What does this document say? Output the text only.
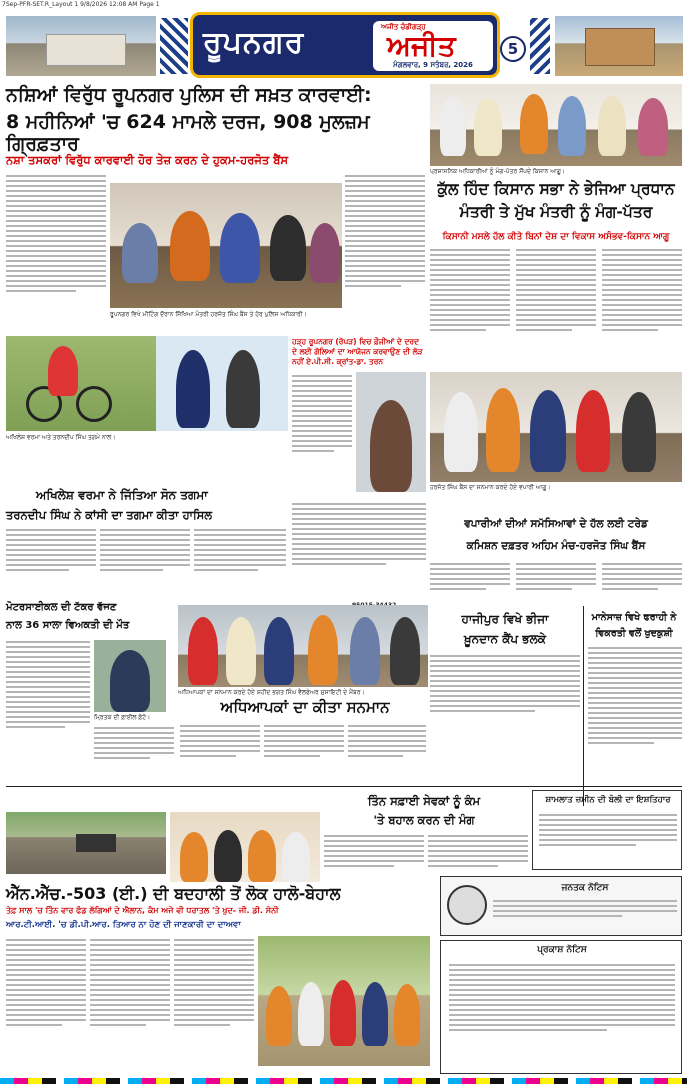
7Sep-PFR-SET.R_Layout 1 9/8/2026 12:08 AM Page 1
ਰੂਪਨਗਰ	ਅਜੀਤ ਚੰਡੀਗੜ੍ਹ
ਅਜੀਤ
ਮੰਗਲਵਾਰ, 9 ਸਤੰਬਰ, 2026
5
ਨਸ਼ਿਆਂ ਵਿਰੁੱਧ ਰੂਪਨਗਰ ਪੁਲਿਸ ਦੀ ਸਖ਼ਤ ਕਾਰਵਾਈ:
8 ਮਹੀਨਿਆਂ 'ਚ 624 ਮਾਮਲੇ ਦਰਜ, 908 ਮੁਲਜ਼ਮ ਗ੍ਰਿਫ਼ਤਾਰ
ਨਸ਼ਾ ਤਸਕਰਾਂ ਵਿਰੁੱਧ ਕਾਰਵਾਈ ਹੋਰ ਤੇਜ਼ ਕਰਨ ਦੇ ਹੁਕਮ-ਹਰਜੋਤ ਬੈਂਸ
ਰੂਪਨਗਰ ਵਿਖੇ ਮੀਟਿੰਗ ਦੌਰਾਨ ਸਿੱਖਿਆ ਮੰਤਰੀ ਹਰਜੋਤ ਸਿੰਘ ਬੈਂਸ ਤੇ ਹੋਰ ਪੁਲਿਸ ਅਧਿਕਾਰੀ।
ਪ੍ਰਸ਼ਾਸਨਿਕ ਅਧਿਕਾਰੀਆਂ ਨੂੰ ਮੰਗ-ਪੱਤਰ ਸੌਂਪਦੇ ਕਿਸਾਨ ਆਗੂ।
ਕੁੱਲ ਹਿੰਦ ਕਿਸਾਨ ਸਭਾ ਨੇ ਭੇਜਿਆ ਪ੍ਰਧਾਨ
ਮੰਤਰੀ ਤੇ ਮੁੱਖ ਮੰਤਰੀ ਨੂੰ ਮੰਗ-ਪੱਤਰ
ਕਿਸਾਨੀ ਮਸਲੇ ਹੱਲ ਕੀਤੇ ਬਿਨਾਂ ਦੇਸ਼ ਦਾ ਵਿਕਾਸ ਅਸੰਭਵ-ਕਿਸਾਨ ਆਗੂ
ਹਰਜੋਤ ਸਿੰਘ ਬੈਂਸ ਦਾ ਸਨਮਾਨ ਕਰਦੇ ਹੋਏ ਵਪਾਰੀ ਆਗੂ।
ਵਪਾਰੀਆਂ ਦੀਆਂ ਸਮੱਸਿਆਵਾਂ ਦੇ ਹੱਲ ਲਈ ਟਰੇਡ
ਕਮਿਸ਼ਨ ਦਫ਼ਤਰ ਅਹਿਮ ਮੰਚ-ਹਰਜੋਤ ਸਿੰਘ ਬੈਂਸ
ਹਾਜੀਪੁਰ ਵਿਖੇ ਭੀਜਾ
ਖ਼ੂਨਦਾਨ ਕੈਂਪ ਭਲਕੇ
ਮਾਨੇਸਾਜ਼ ਵਿਖੇ ਫਰਾਹੀ ਨੇ
ਵਿਕਰਤੀ ਵਲੋਂ ਖੁਦਕੁਸ਼ੀ
ਅਖਿਲੇਸ਼ ਵਰਮਾ ਅਤੇ ਤਰਨਦੀਪ ਸਿੰਘ ਤਗਮੇ ਨਾਲ।
ਹੜ੍ਹ ਰੂਪਨਗਰ (ਰੋਪੜ) ਵਿਚ ਫ਼ੌਜੀਆਂ ਦੇ ਦਰਦ ਦੇ ਲਈ ਗੋਲਿਆਂ ਦਾ ਆਯੋਜਨ ਕਰਵਾਉਣ ਦੀ ਲੋੜ ਨਹੀਂ ਏ.ਪੀ.ਸੀ. ਕ੍ਰਾਂਤ-ਡਾ. ਤਰਨ
ਅਖਿਲੇਸ਼ ਵਰਮਾ ਨੇ ਜਿੱਤਿਆ ਸੋਨ ਤਗਮਾ
ਤਰਨਦੀਪ ਸਿੰਘ ਨੇ ਕਾਂਸੀ ਦਾ ਤਗਮਾ ਕੀਤਾ ਹਾਸਿਲ
ਮੋਟਰਸਾਈਕਲ ਦੀ ਟੱਕਰ ਵੱਜਣ
ਨਾਲ 36 ਸਾਲਾ ਵਿਅਕਤੀ ਦੀ ਮੌਤ
ਮ੍ਰਿਤਕ ਦੀ ਫ਼ਾਈਲ ਫ਼ੋਟੋ।
ਅਧਿਆਪਕਾਂ ਦਾ ਸਨਮਾਨ ਕਰਦੇ ਹੋਏ ਸ਼ਹੀਦ ਭਗਤ ਸਿੰਘ ਵੈਲਫੇਅਰ ਸੁਸਾਇਟੀ ਦੇ ਮੈਂਬਰ।
ਅਧਿਆਪਕਾਂ ਦਾ ਕੀਤਾ ਸਨਮਾਨ
ਤਿੰਨ ਸਫ਼ਾਈ ਸੇਵਕਾਂ ਨੂੰ ਕੰਮ
'ਤੇ ਬਹਾਲ ਕਰਨ ਦੀ ਮੰਗ
ਐੱਨ.ਐੱਚ.-503 (ਈ.) ਦੀ ਬਦਹਾਲੀ ਤੋਂ ਲੋਕ ਹਾਲੋ-ਬੇਹਾਲ
ਤੇਫ਼ ਸਾਲ 'ਚ ਤਿੰਨ ਵਾਰ ਫੰਡ ਲੱਗਿਆਂ ਦੇ ਐਲਾਨ, ਕੰਮ ਅਜੇ ਵੀ ਧਰਾਤਲ 'ਤੇ ਖੁਦ- ਜੀ. ਡੀ. ਸੋਨੀ
ਆਰ.ਟੀ.ਆਈ. 'ਚ ਡੀ.ਪੀ.ਆਰ. ਤਿਆਰ ਨਾ ਹੋਣ ਦੀ ਜਾਣਕਾਰੀ ਦਾ ਦਾਅਵਾ
ਸ਼ਾਮਲਾਤ ਜ਼ਮੀਨ ਦੀ ਬੋਲੀ ਦਾ ਇਸ਼ਤਿਹਾਰ
ਜਨਤਕ ਨੋਟਿਸ
ਪ੍ਰਕਾਸ਼ ਨੋਟਿਸ
